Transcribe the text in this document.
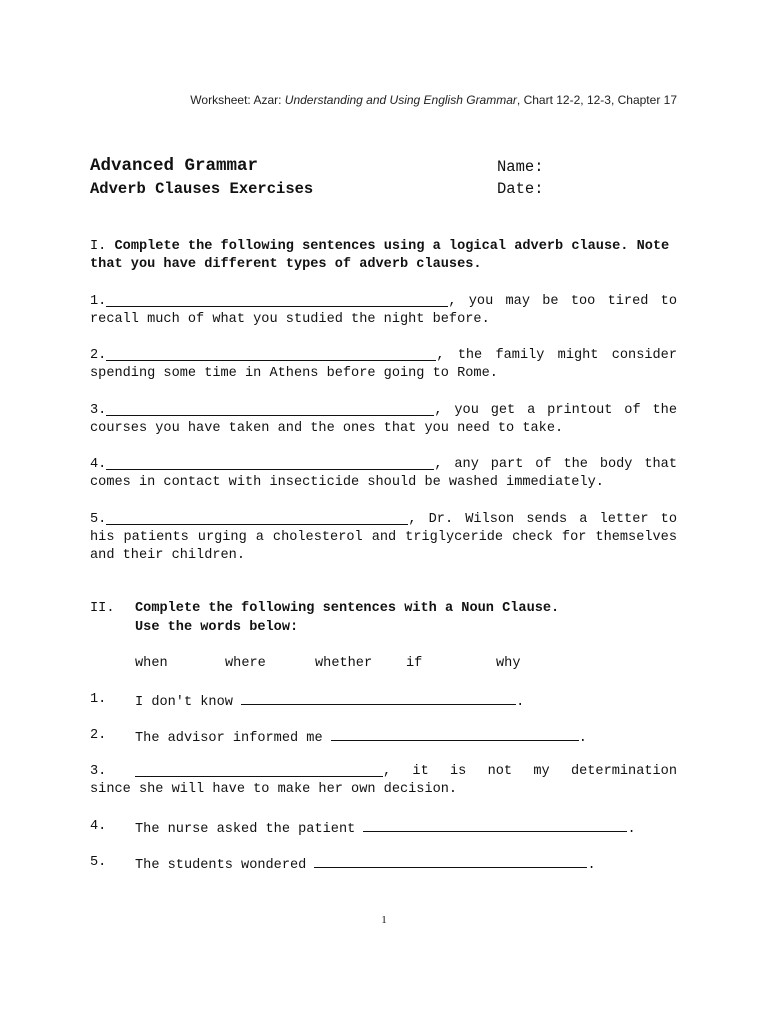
Worksheet: Azar: Understanding and Using English Grammar, Chart 12-2, 12-3, Chapter 17
Advanced Grammar
Adverb Clauses Exercises
Name:
Date:
I. Complete the following sentences using a logical adverb clause. Note that you have different types of adverb clauses.
1.	, you may be too tired to
recall much of what you studied the night before.
2.	, the family might consider
spending some time in Athens before going to Rome.
3.	, you get a printout of the
courses you have taken and the ones that you need to take.
4.	, any part of the body that
comes in contact with insecticide should be washed immediately.
5.	, Dr. Wilson sends a letter to
his patients urging a cholesterol and triglyceride check for themselves and their children.
II. Complete the following sentences with a Noun Clause.
Use the words below:
when	where	whether if	why
1. I don't know	.
2. The advisor informed me	.
3.	, it is not my determination
since she will have to make her own decision.
4. The nurse asked the patient	.
5. The students wondered	.
1
